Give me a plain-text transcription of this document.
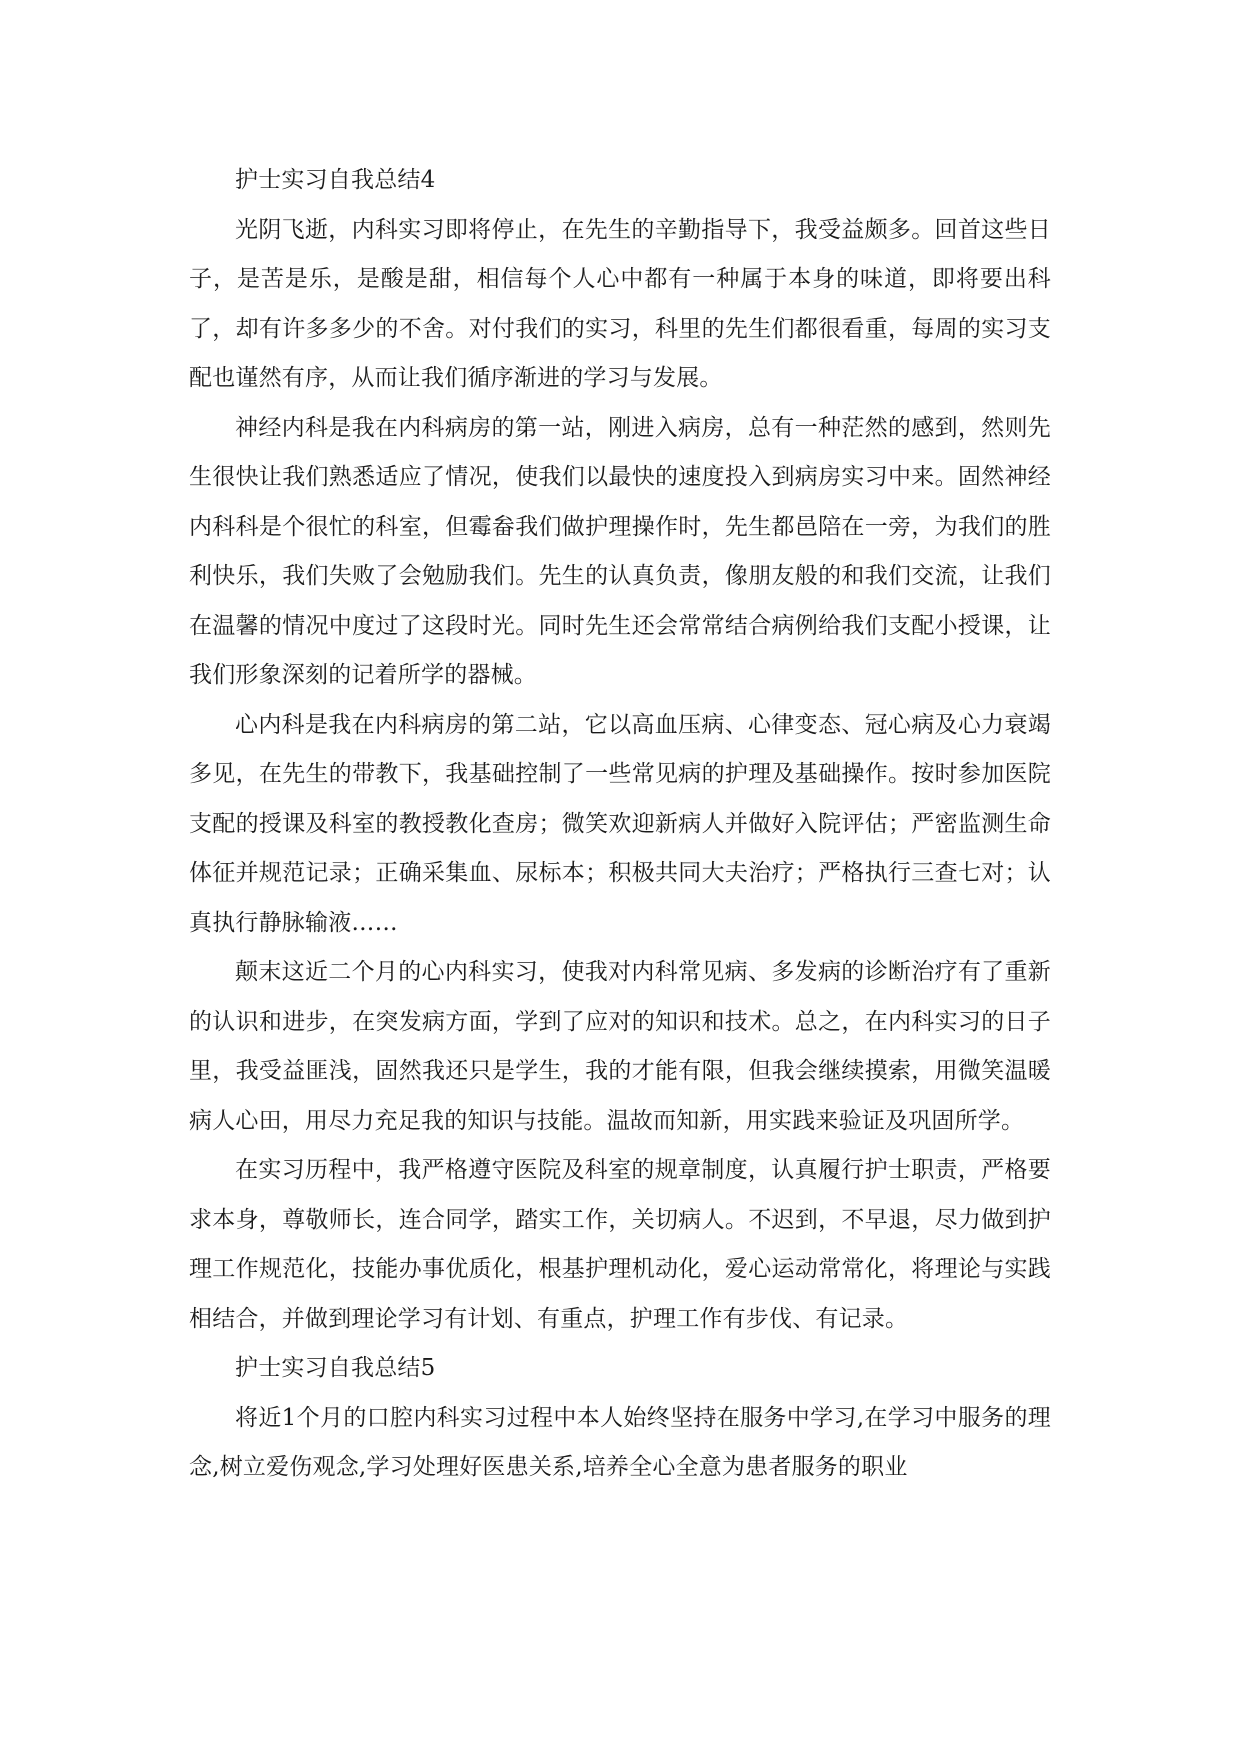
护士实习自我总结4

光阴飞逝，内科实习即将停止，在先生的辛勤指导下，我受益颇多。回首这些日子，是苦是乐，是酸是甜，相信每个人心中都有一种属于本身的味道，即将要出科了，却有许多多少的不舍。对付我们的实习，科里的先生们都很看重，每周的实习支配也谨然有序，从而让我们循序渐进的学习与发展。

神经内科是我在内科病房的第一站，刚进入病房，总有一种茫然的感到，然则先生很快让我们熟悉适应了情况，使我们以最快的速度投入到病房实习中来。固然神经内科科是个很忙的科室，但霉畚我们做护理操作时，先生都邑陪在一旁，为我们的胜利快乐，我们失败了会勉励我们。先生的认真负责，像朋友般的和我们交流，让我们在温馨的情况中度过了这段时光。同时先生还会常常结合病例给我们支配小授课，让我们形象深刻的记着所学的器械。

心内科是我在内科病房的第二站，它以高血压病、心律变态、冠心病及心力衰竭多见，在先生的带教下，我基础控制了一些常见病的护理及基础操作。按时参加医院支配的授课及科室的教授教化查房；微笑欢迎新病人并做好入院评估；严密监测生命体征并规范记录；正确采集血、尿标本；积极共同大夫治疗；严格执行三查七对；认真执行静脉输液……

颠末这近二个月的心内科实习，使我对内科常见病、多发病的诊断治疗有了重新的认识和进步，在突发病方面，学到了应对的知识和技术。总之，在内科实习的日子里，我受益匪浅，固然我还只是学生，我的才能有限，但我会继续摸索，用微笑温暖病人心田，用尽力充足我的知识与技能。温故而知新，用实践来验证及巩固所学。

在实习历程中，我严格遵守医院及科室的规章制度，认真履行护士职责，严格要求本身，尊敬师长，连合同学，踏实工作，关切病人。不迟到，不早退，尽力做到护理工作规范化，技能办事优质化，根基护理机动化，爱心运动常常化，将理论与实践相结合，并做到理论学习有计划、有重点，护理工作有步伐、有记录。

护士实习自我总结5

将近1个月的口腔内科实习过程中本人始终坚持在服务中学习,在学习中服务的理念,树立爱伤观念,学习处理好医患关系,培养全心全意为患者服务的职业
